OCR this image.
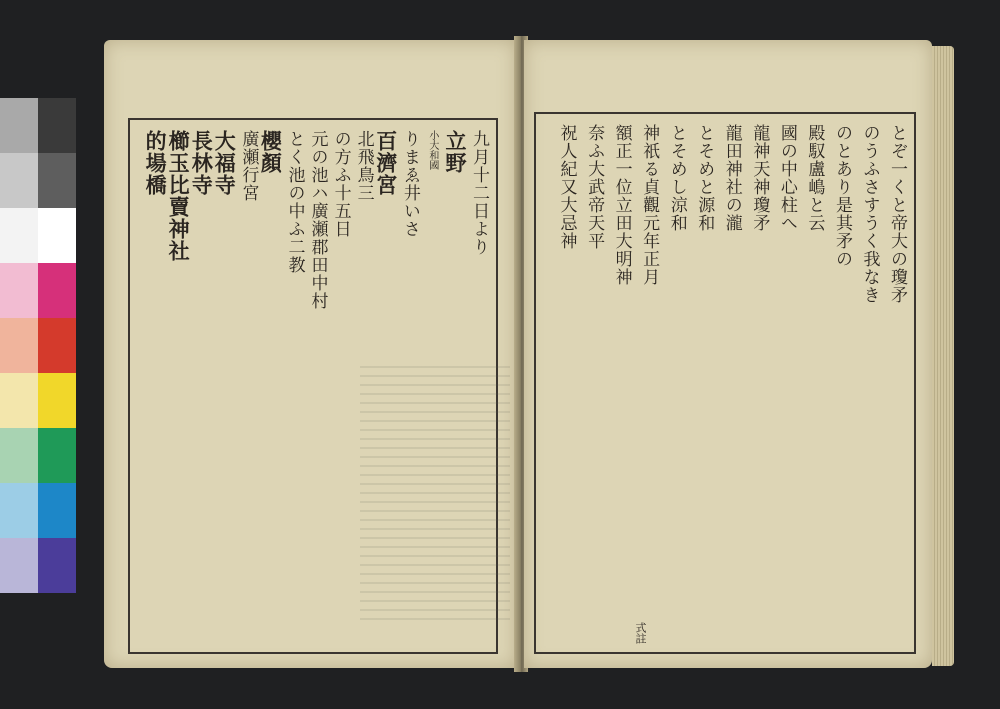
九月十二日より
立野
小大和國
りまゑ井いさ
百濟宮
北飛鳥三
の方ふ十五日
元の池ハ廣瀬郡田中村
とく池の中ふ二教
櫻顏
廣瀬行宮
大福寺
長林寺
櫛玉比賣神社
的場橋	とぞ一くと帝大の瓊矛
のうふさすうく我なき
のとあり是其矛の
殿馭盧嶋と云
國の中心柱へ
龍神天神瓊矛
龍田神社の瀧
とそめと源和
とそめし涼和
神祇る貞觀元年正月
額正一位立田大明神
奈ふ大武帝天平
祝人紀又大忌神
式註
